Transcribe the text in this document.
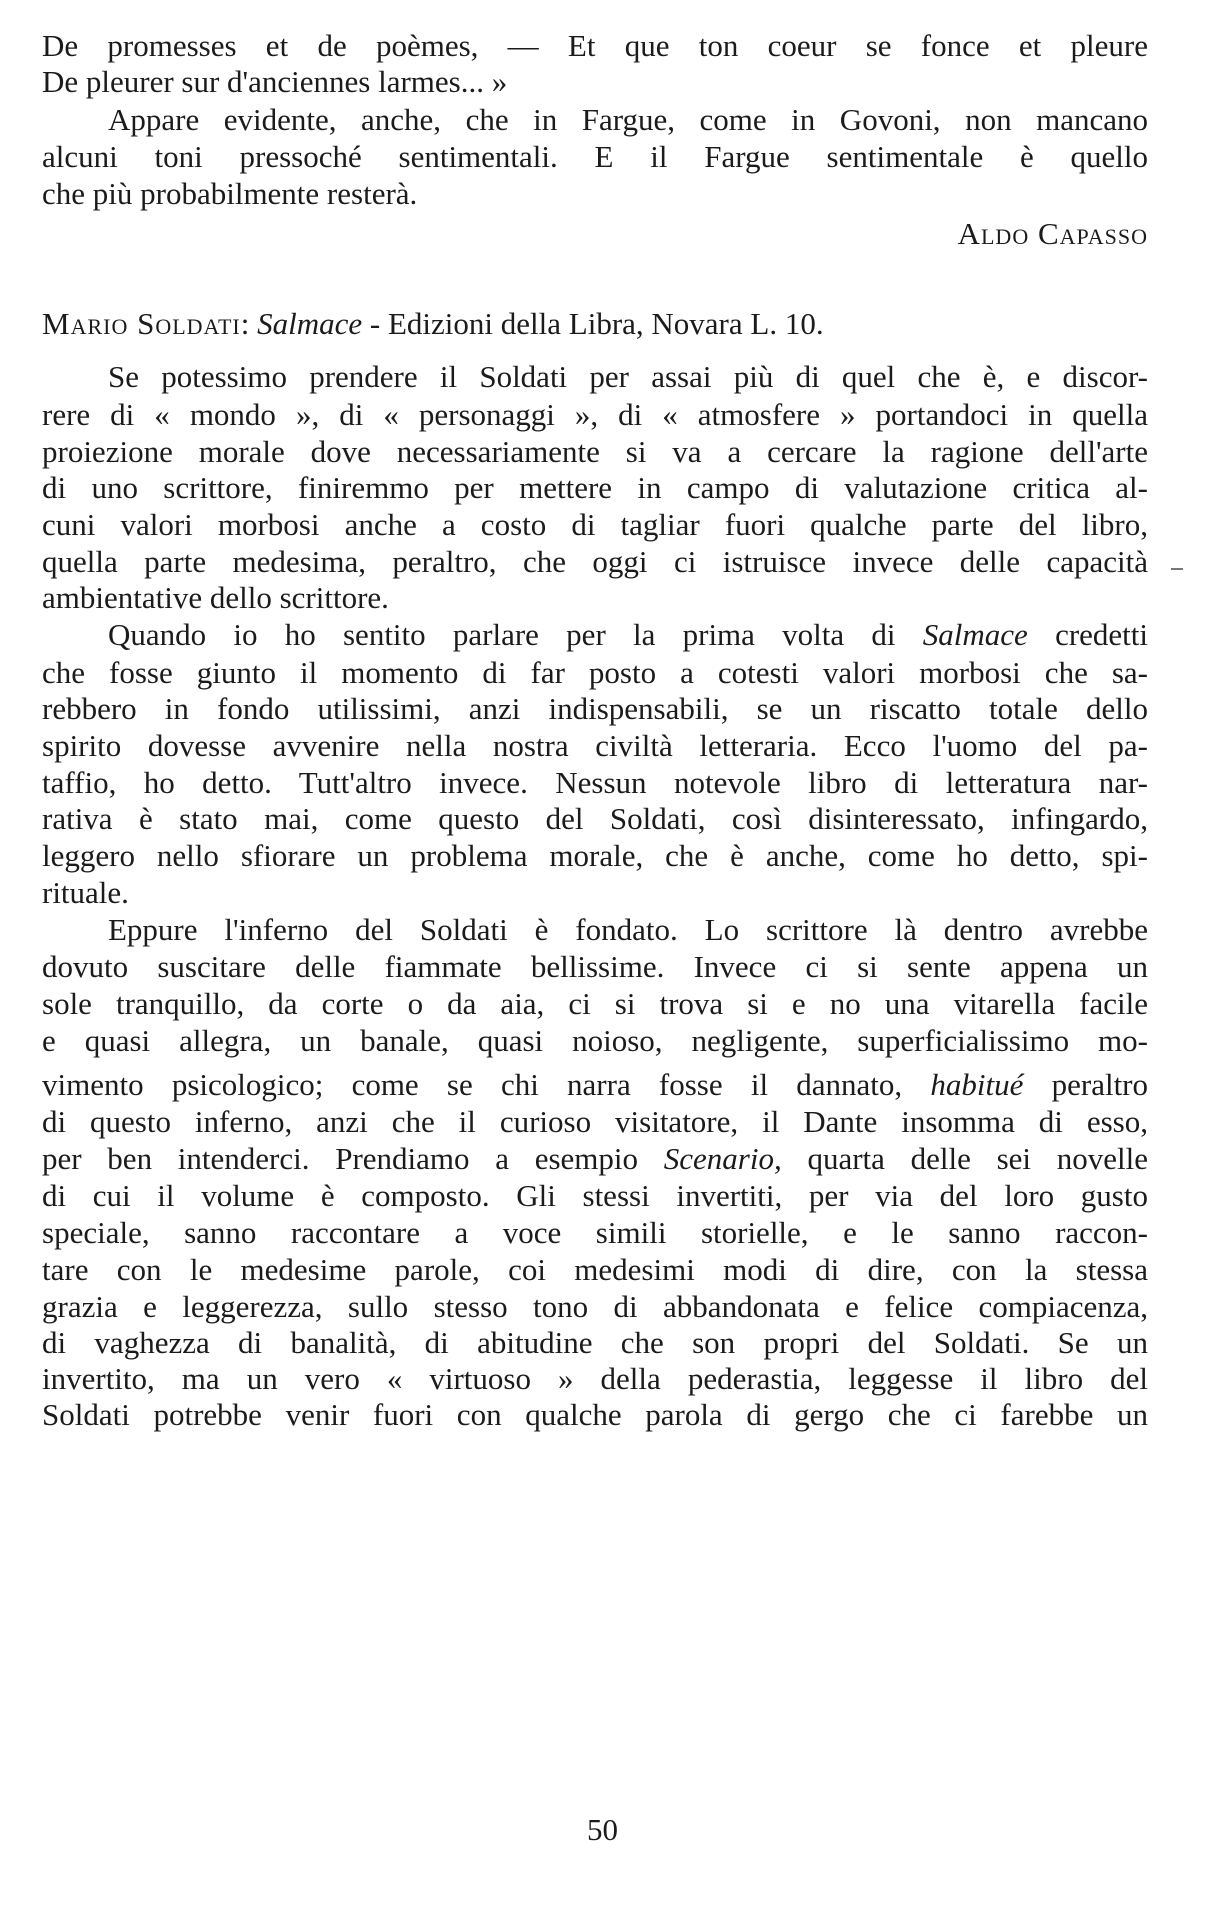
De promesses et de poèmes, — Et que ton coeur se fonce et pleure
De pleurer sur d'anciennes larmes... »
Appare evidente, anche, che in Fargue, come in Govoni, non mancano
alcuni toni pressoché sentimentali. E il Fargue sentimentale è quello
che più probabilmente resterà.
Aldo Capasso
Mario Soldati: Salmace - Edizioni della Libra, Novara L. 10.
Se potessimo prendere il Soldati per assai più di quel che è, e discor-
rere di « mondo », di « personaggi », di « atmosfere » portandoci in quella
proiezione morale dove necessariamente si va a cercare la ragione dell'arte
di uno scrittore, finiremmo per mettere in campo di valutazione critica al-
cuni valori morbosi anche a costo di tagliar fuori qualche parte del libro,
quella parte medesima, peraltro, che oggi ci istruisce invece delle capacità
ambientative dello scrittore.
Quando io ho sentito parlare per la prima volta di Salmace credetti
che fosse giunto il momento di far posto a cotesti valori morbosi che sa-
rebbero in fondo utilissimi, anzi indispensabili, se un riscatto totale dello
spirito dovesse avvenire nella nostra civiltà letteraria. Ecco l'uomo del pa-
taffio, ho detto. Tutt'altro invece. Nessun notevole libro di letteratura nar-
rativa è stato mai, come questo del Soldati, così disinteressato, infingardo,
leggero nello sfiorare un problema morale, che è anche, come ho detto, spi-
rituale.
Eppure l'inferno del Soldati è fondato. Lo scrittore là dentro avrebbe
dovuto suscitare delle fiammate bellissime. Invece ci si sente appena un
sole tranquillo, da corte o da aia, ci si trova si e no una vitarella facile
e quasi allegra, un banale, quasi noioso, negligente, superficialissimo mo-
vimento psicologico; come se chi narra fosse il dannato, habitué peraltro
di questo inferno, anzi che il curioso visitatore, il Dante insomma di esso,
per ben intenderci. Prendiamo a esempio Scenario, quarta delle sei novelle
di cui il volume è composto. Gli stessi invertiti, per via del loro gusto
speciale, sanno raccontare a voce simili storielle, e le sanno raccon-
tare con le medesime parole, coi medesimi modi di dire, con la stessa
grazia e leggerezza, sullo stesso tono di abbandonata e felice compiacenza,
di vaghezza di banalità, di abitudine che son propri del Soldati. Se un
invertito, ma un vero « virtuoso » della pederastia, leggesse il libro del
Soldati potrebbe venir fuori con qualche parola di gergo che ci farebbe un
50
